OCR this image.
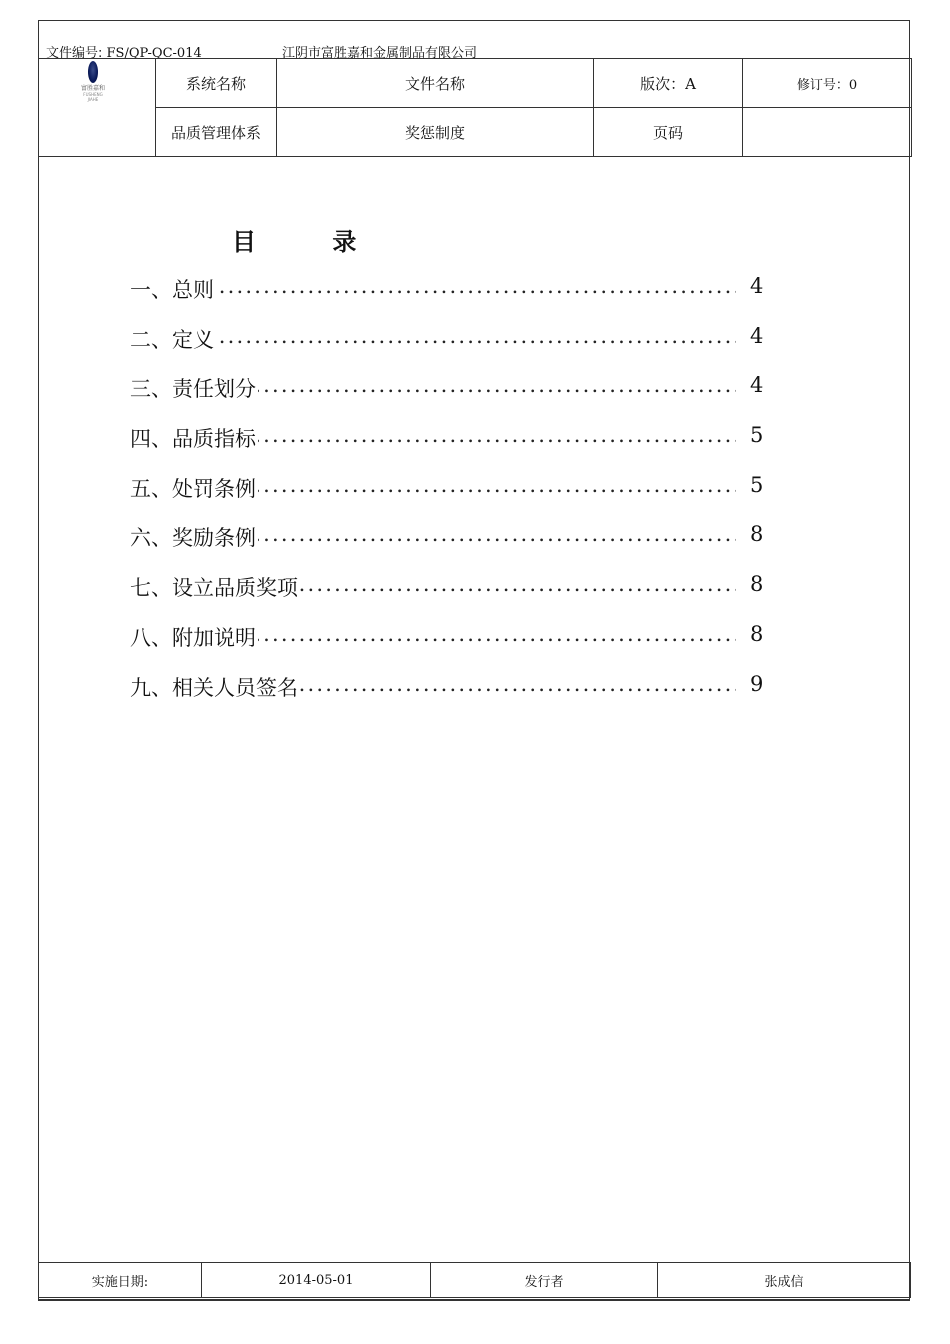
文件编号: FS/QP-QC-014	江阴市富胜嘉和金属制品有限公司
富胜嘉和
FUSHENG JIAHE	系统名称	文件名称	版次：A	修订号：0
	品质管理体系	奖惩制度	页码	
目 录
.....
一、总则	4
.....
二、定义	4
.....
三、责任划分	4
.....
四、品质指标	5
.....
五、处罚条例	5
.....
六、奖励条例	8
.....
七、设立品质奖项	8
.....
八、附加说明	8
.....
九、相关人员签名	9
实施日期:	2014-05-01	发行者	张成信
